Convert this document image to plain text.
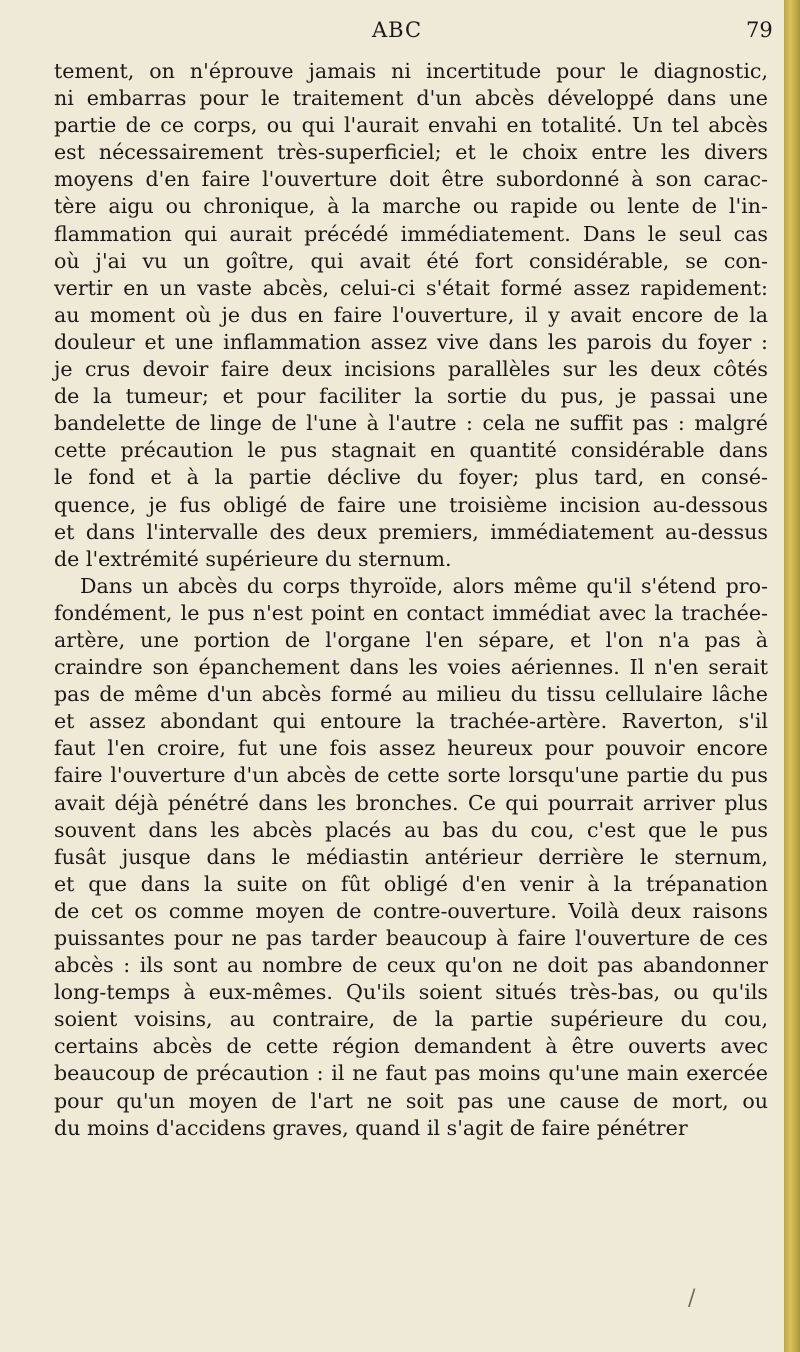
ABC	79
tement, on n'éprouve jamais ni incertitude pour le diagnostic,
ni embarras pour le traitement d'un abcès développé dans une
partie de ce corps, ou qui l'aurait envahi en totalité. Un tel abcès
est nécessairement très-superficiel; et le choix entre les divers
moyens d'en faire l'ouverture doit être subordonné à son carac-
tère aigu ou chronique, à la marche ou rapide ou lente de l'in-
flammation qui aurait précédé immédiatement. Dans le seul cas
où j'ai vu un goître, qui avait été fort considérable, se con-
vertir en un vaste abcès, celui-ci s'était formé assez rapidement:
au moment où je dus en faire l'ouverture, il y avait encore de la
douleur et une inflammation assez vive dans les parois du foyer :
je crus devoir faire deux incisions parallèles sur les deux côtés
de la tumeur; et pour faciliter la sortie du pus, je passai une
bandelette de linge de l'une à l'autre : cela ne suffit pas : malgré
cette précaution le pus stagnait en quantité considérable dans
le fond et à la partie déclive du foyer; plus tard, en consé-
quence, je fus obligé de faire une troisième incision au-dessous
et dans l'intervalle des deux premiers, immédiatement au-dessus
de l'extrémité supérieure du sternum.
Dans un abcès du corps thyroïde, alors même qu'il s'étend pro-
fondément, le pus n'est point en contact immédiat avec la trachée-
artère, une portion de l'organe l'en sépare, et l'on n'a pas à
craindre son épanchement dans les voies aériennes. Il n'en serait
pas de même d'un abcès formé au milieu du tissu cellulaire lâche
et assez abondant qui entoure la trachée-artère. Raverton, s'il
faut l'en croire, fut une fois assez heureux pour pouvoir encore
faire l'ouverture d'un abcès de cette sorte lorsqu'une partie du pus
avait déjà pénétré dans les bronches. Ce qui pourrait arriver plus
souvent dans les abcès placés au bas du cou, c'est que le pus
fusât jusque dans le médiastin antérieur derrière le sternum,
et que dans la suite on fût obligé d'en venir à la trépanation
de cet os comme moyen de contre-ouverture. Voilà deux raisons
puissantes pour ne pas tarder beaucoup à faire l'ouverture de ces
abcès : ils sont au nombre de ceux qu'on ne doit pas abandonner
long-temps à eux-mêmes. Qu'ils soient situés très-bas, ou qu'ils
soient voisins, au contraire, de la partie supérieure du cou,
certains abcès de cette région demandent à être ouverts avec
beaucoup de précaution : il ne faut pas moins qu'une main exercée
pour qu'un moyen de l'art ne soit pas une cause de mort, ou
du moins d'accidens graves, quand il s'agit de faire pénétrer
/
